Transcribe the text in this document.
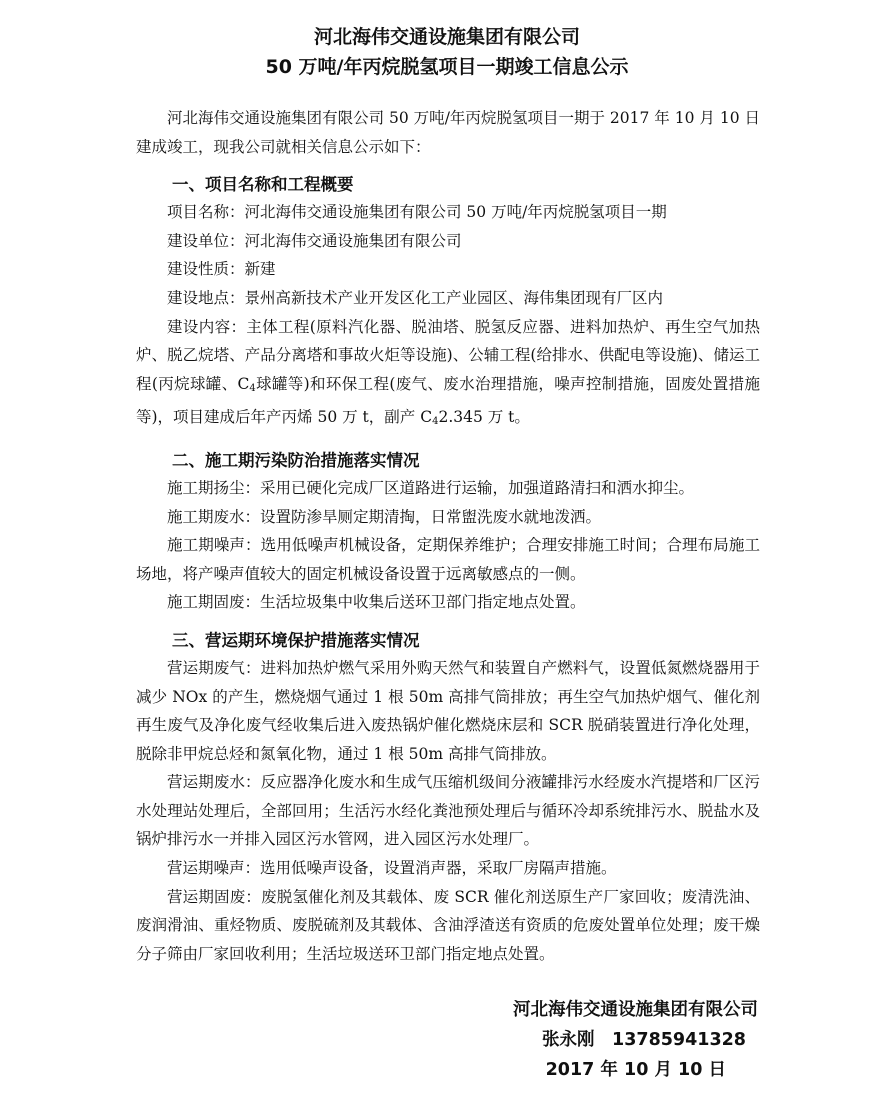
河北海伟交通设施集团有限公司
50 万吨/年丙烷脱氢项目一期竣工信息公示

河北海伟交通设施集团有限公司 50 万吨/年丙烷脱氢项目一期于 2017 年 10 月 10 日建成竣工，现我公司就相关信息公示如下：

一、项目名称和工程概要

项目名称：河北海伟交通设施集团有限公司 50 万吨/年丙烷脱氢项目一期

建设单位：河北海伟交通设施集团有限公司

建设性质：新建

建设地点：景州高新技术产业开发区化工产业园区、海伟集团现有厂区内

建设内容：主体工程(原料汽化器、脱油塔、脱氢反应器、进料加热炉、再生空气加热炉、脱乙烷塔、产品分离塔和事故火炬等设施)、公辅工程(给排水、供配电等设施)、储运工程(丙烷球罐、$C_4$球罐等)和环保工程(废气、废水治理措施，噪声控制措施，固废处置措施等)，项目建成后年产丙烯 50 万 t，副产 $C_42.345$ 万 t。

二、施工期污染防治措施落实情况

施工期扬尘：采用已硬化完成厂区道路进行运输，加强道路清扫和洒水抑尘。

施工期废水：设置防渗旱厕定期清掏，日常盥洗废水就地泼洒。

施工期噪声：选用低噪声机械设备，定期保养维护；合理安排施工时间；合理布局施工场地，将产噪声值较大的固定机械设备设置于远离敏感点的一侧。

施工期固废：生活垃圾集中收集后送环卫部门指定地点处置。

三、营运期环境保护措施落实情况

营运期废气：进料加热炉燃气采用外购天然气和装置自产燃料气，设置低氮燃烧器用于减少 NOx 的产生，燃烧烟气通过 1 根 50m 高排气筒排放；再生空气加热炉烟气、催化剂再生废气及净化废气经收集后进入废热锅炉催化燃烧床层和 SCR 脱硝装置进行净化处理，脱除非甲烷总烃和氮氧化物，通过 1 根 50m 高排气筒排放。

营运期废水：反应器净化废水和生成气压缩机级间分液罐排污水经废水汽提塔和厂区污水处理站处理后，全部回用；生活污水经化粪池预处理后与循环冷却系统排污水、脱盐水及锅炉排污水一并排入园区污水管网，进入园区污水处理厂。

营运期噪声：选用低噪声设备，设置消声器，采取厂房隔声措施。

营运期固废：废脱氢催化剂及其载体、废 SCR 催化剂送原生产厂家回收；废清洗油、废润滑油、重烃物质、废脱硫剂及其载体、含油浮渣送有资质的危废处置单位处理；废干燥分子筛由厂家回收利用；生活垃圾送环卫部门指定地点处置。

河北海伟交通设施集团有限公司
张永刚　13785941328
2017 年 10 月 10 日
